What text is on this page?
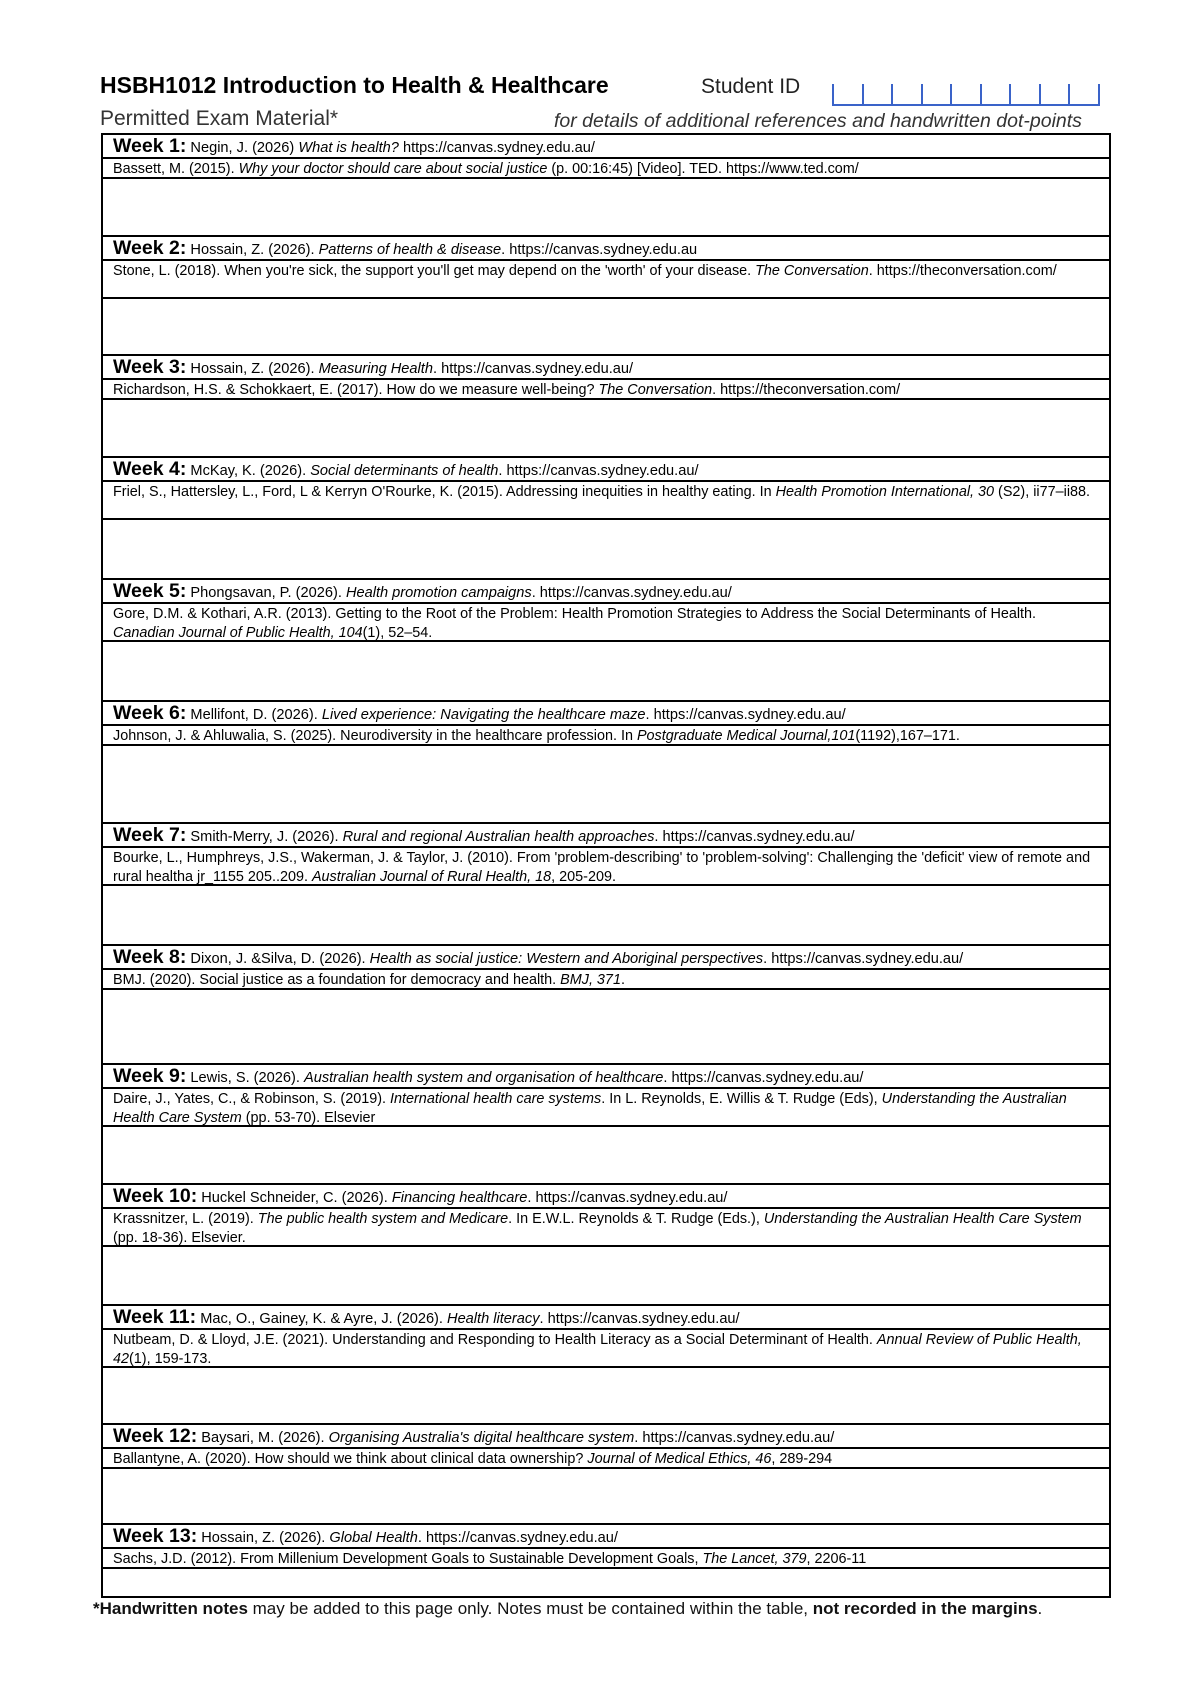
HSBH1012 Introduction to Health & Healthcare	Student ID
Permitted Exam Material*	for details of additional references and handwritten dot-points
Week 1: Negin, J. (2026) What is health? https://canvas.sydney.edu.au/
Bassett, M. (2015). Why your doctor should care about social justice (p. 00:16:45) [Video]. TED. https://www.ted.com/
Week 2: Hossain, Z. (2026). Patterns of health & disease. https://canvas.sydney.edu.au
Stone, L. (2018). When you're sick, the support you'll get may depend on the 'worth' of your disease. The Conversation. https://theconversation.com/
Week 3: Hossain, Z. (2026). Measuring Health. https://canvas.sydney.edu.au/
Richardson, H.S. & Schokkaert, E. (2017). How do we measure well-being? The Conversation. https://theconversation.com/
Week 4: McKay, K. (2026). Social determinants of health. https://canvas.sydney.edu.au/
Friel, S., Hattersley, L., Ford, L & Kerryn O'Rourke, K. (2015). Addressing inequities in healthy eating. In Health Promotion International, 30 (S2), ii77–ii88.
Week 5: Phongsavan, P. (2026). Health promotion campaigns. https://canvas.sydney.edu.au/
Gore, D.M. & Kothari, A.R. (2013). Getting to the Root of the Problem: Health Promotion Strategies to Address the Social Determinants of Health. Canadian Journal of Public Health, 104(1), 52–54.
Week 6: Mellifont, D. (2026). Lived experience: Navigating the healthcare maze. https://canvas.sydney.edu.au/
Johnson, J. & Ahluwalia, S. (2025). Neurodiversity in the healthcare profession. In Postgraduate Medical Journal,101(1192),167–171.
Week 7: Smith-Merry, J. (2026). Rural and regional Australian health approaches. https://canvas.sydney.edu.au/
Bourke, L., Humphreys, J.S., Wakerman, J. & Taylor, J. (2010). From 'problem-describing' to 'problem-solving': Challenging the 'deficit' view of remote and rural healtha jr_1155 205..209. Australian Journal of Rural Health, 18, 205-209.
Week 8: Dixon, J. &Silva, D. (2026). Health as social justice: Western and Aboriginal perspectives. https://canvas.sydney.edu.au/
BMJ. (2020). Social justice as a foundation for democracy and health. BMJ, 371.
Week 9: Lewis, S. (2026). Australian health system and organisation of healthcare. https://canvas.sydney.edu.au/
Daire, J., Yates, C., & Robinson, S. (2019). International health care systems. In L. Reynolds, E. Willis & T. Rudge (Eds), Understanding the Australian Health Care System (pp. 53-70). Elsevier
Week 10: Huckel Schneider, C. (2026). Financing healthcare. https://canvas.sydney.edu.au/
Krassnitzer, L. (2019). The public health system and Medicare. In E.W.L. Reynolds & T. Rudge (Eds.), Understanding the Australian Health Care System (pp. 18-36). Elsevier.
Week 11: Mac, O., Gainey, K. & Ayre, J. (2026). Health literacy. https://canvas.sydney.edu.au/
Nutbeam, D. & Lloyd, J.E. (2021). Understanding and Responding to Health Literacy as a Social Determinant of Health. Annual Review of Public Health, 42(1), 159-173.
Week 12: Baysari, M. (2026). Organising Australia's digital healthcare system. https://canvas.sydney.edu.au/
Ballantyne, A. (2020). How should we think about clinical data ownership? Journal of Medical Ethics, 46, 289-294
Week 13: Hossain, Z. (2026). Global Health. https://canvas.sydney.edu.au/
Sachs, J.D. (2012). From Millenium Development Goals to Sustainable Development Goals, The Lancet, 379, 2206-11
*Handwritten notes may be added to this page only. Notes must be contained within the table, not recorded in the margins.
